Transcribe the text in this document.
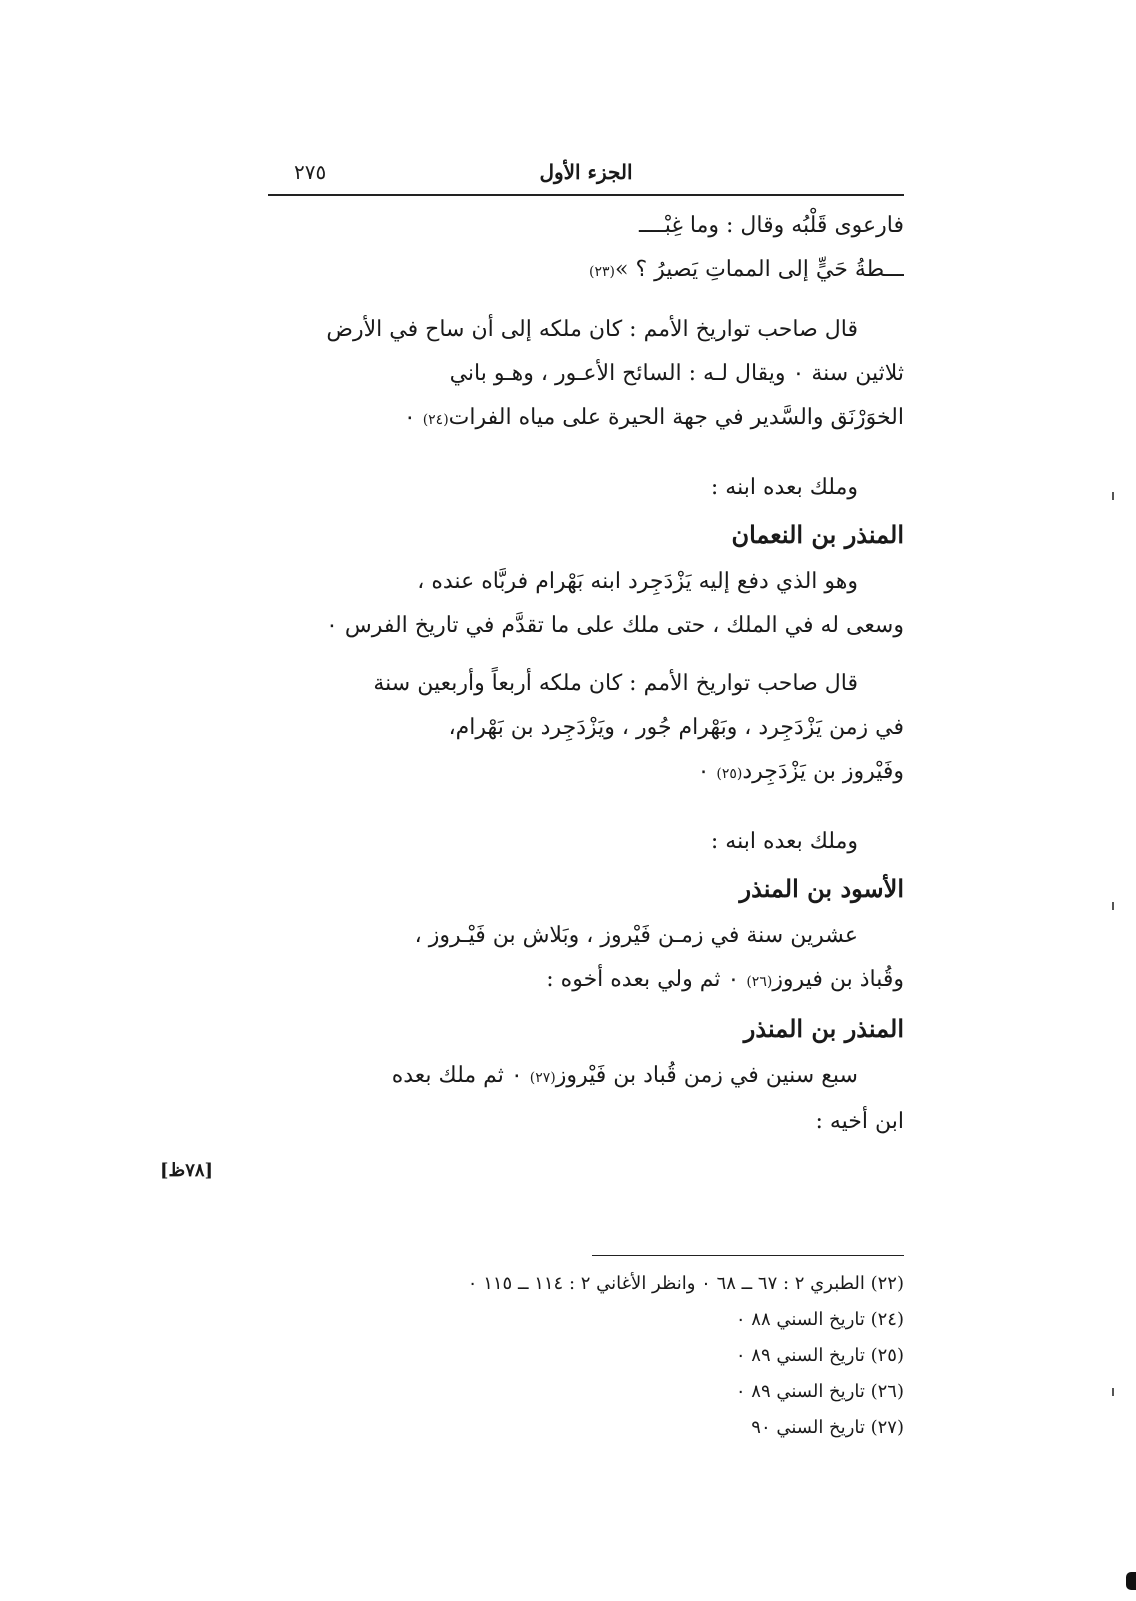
الجزء الأول
٢٧٥
فارعوى قَلْبُه وقال : وما غِبْــــ
ـــطةُ حَيٍّ إلى المماتِ يَصيرُ ؟ »(٢٣)
قال صاحب تواريخ الأمم : كان ملكه إلى أن ساح في الأرض
ثلاثين سنة ٠ ويقال لـه : السائح الأعـور ، وهـو باني
الخوَرْنَق والسَّدير في جهة الحيرة على مياه الفرات(٢٤) ٠
وملك بعده ابنه :
المنذر بن النعمان
وهو الذي دفع إليه يَزْدَجِرد ابنه بَهْرام فربَّاه عنده ،
وسعى له في الملك ، حتى ملك على ما تقدَّم في تاريخ الفرس ٠
قال صاحب تواريخ الأمم : كان ملكه أربعاً وأربعين سنة
في زمن يَزْدَجِرد ، وبَهْرام جُور ، ويَزْدَجِرد بن بَهْرام،
وفَيْروز بن يَزْدَجِرد(٢٥) ٠
وملك بعده ابنه :
الأسود بن المنذر
عشرين سنة في زمـن فَيْروز ، وبَلاش بن فَيْـروز ،
وقُباذ بن فيروز(٢٦) ٠ ثم ولي بعده أخوه :
المنذر بن المنذر
سبع سنين في زمن قُباد بن فَيْروز(٢٧) ٠ ثم ملك بعده
ابن أخيه :
[٧٨ظ]
(٢٢) الطبري ٢ : ٦٧ ــ ٦٨ ٠ وانظر الأغاني ٢ : ١١٤ ــ ١١٥ ٠
(٢٤) تاريخ السني ٨٨ ٠
(٢٥) تاريخ السني ٨٩ ٠
(٢٦) تاريخ السني ٨٩ ٠
(٢٧) تاريخ السني ٩٠
